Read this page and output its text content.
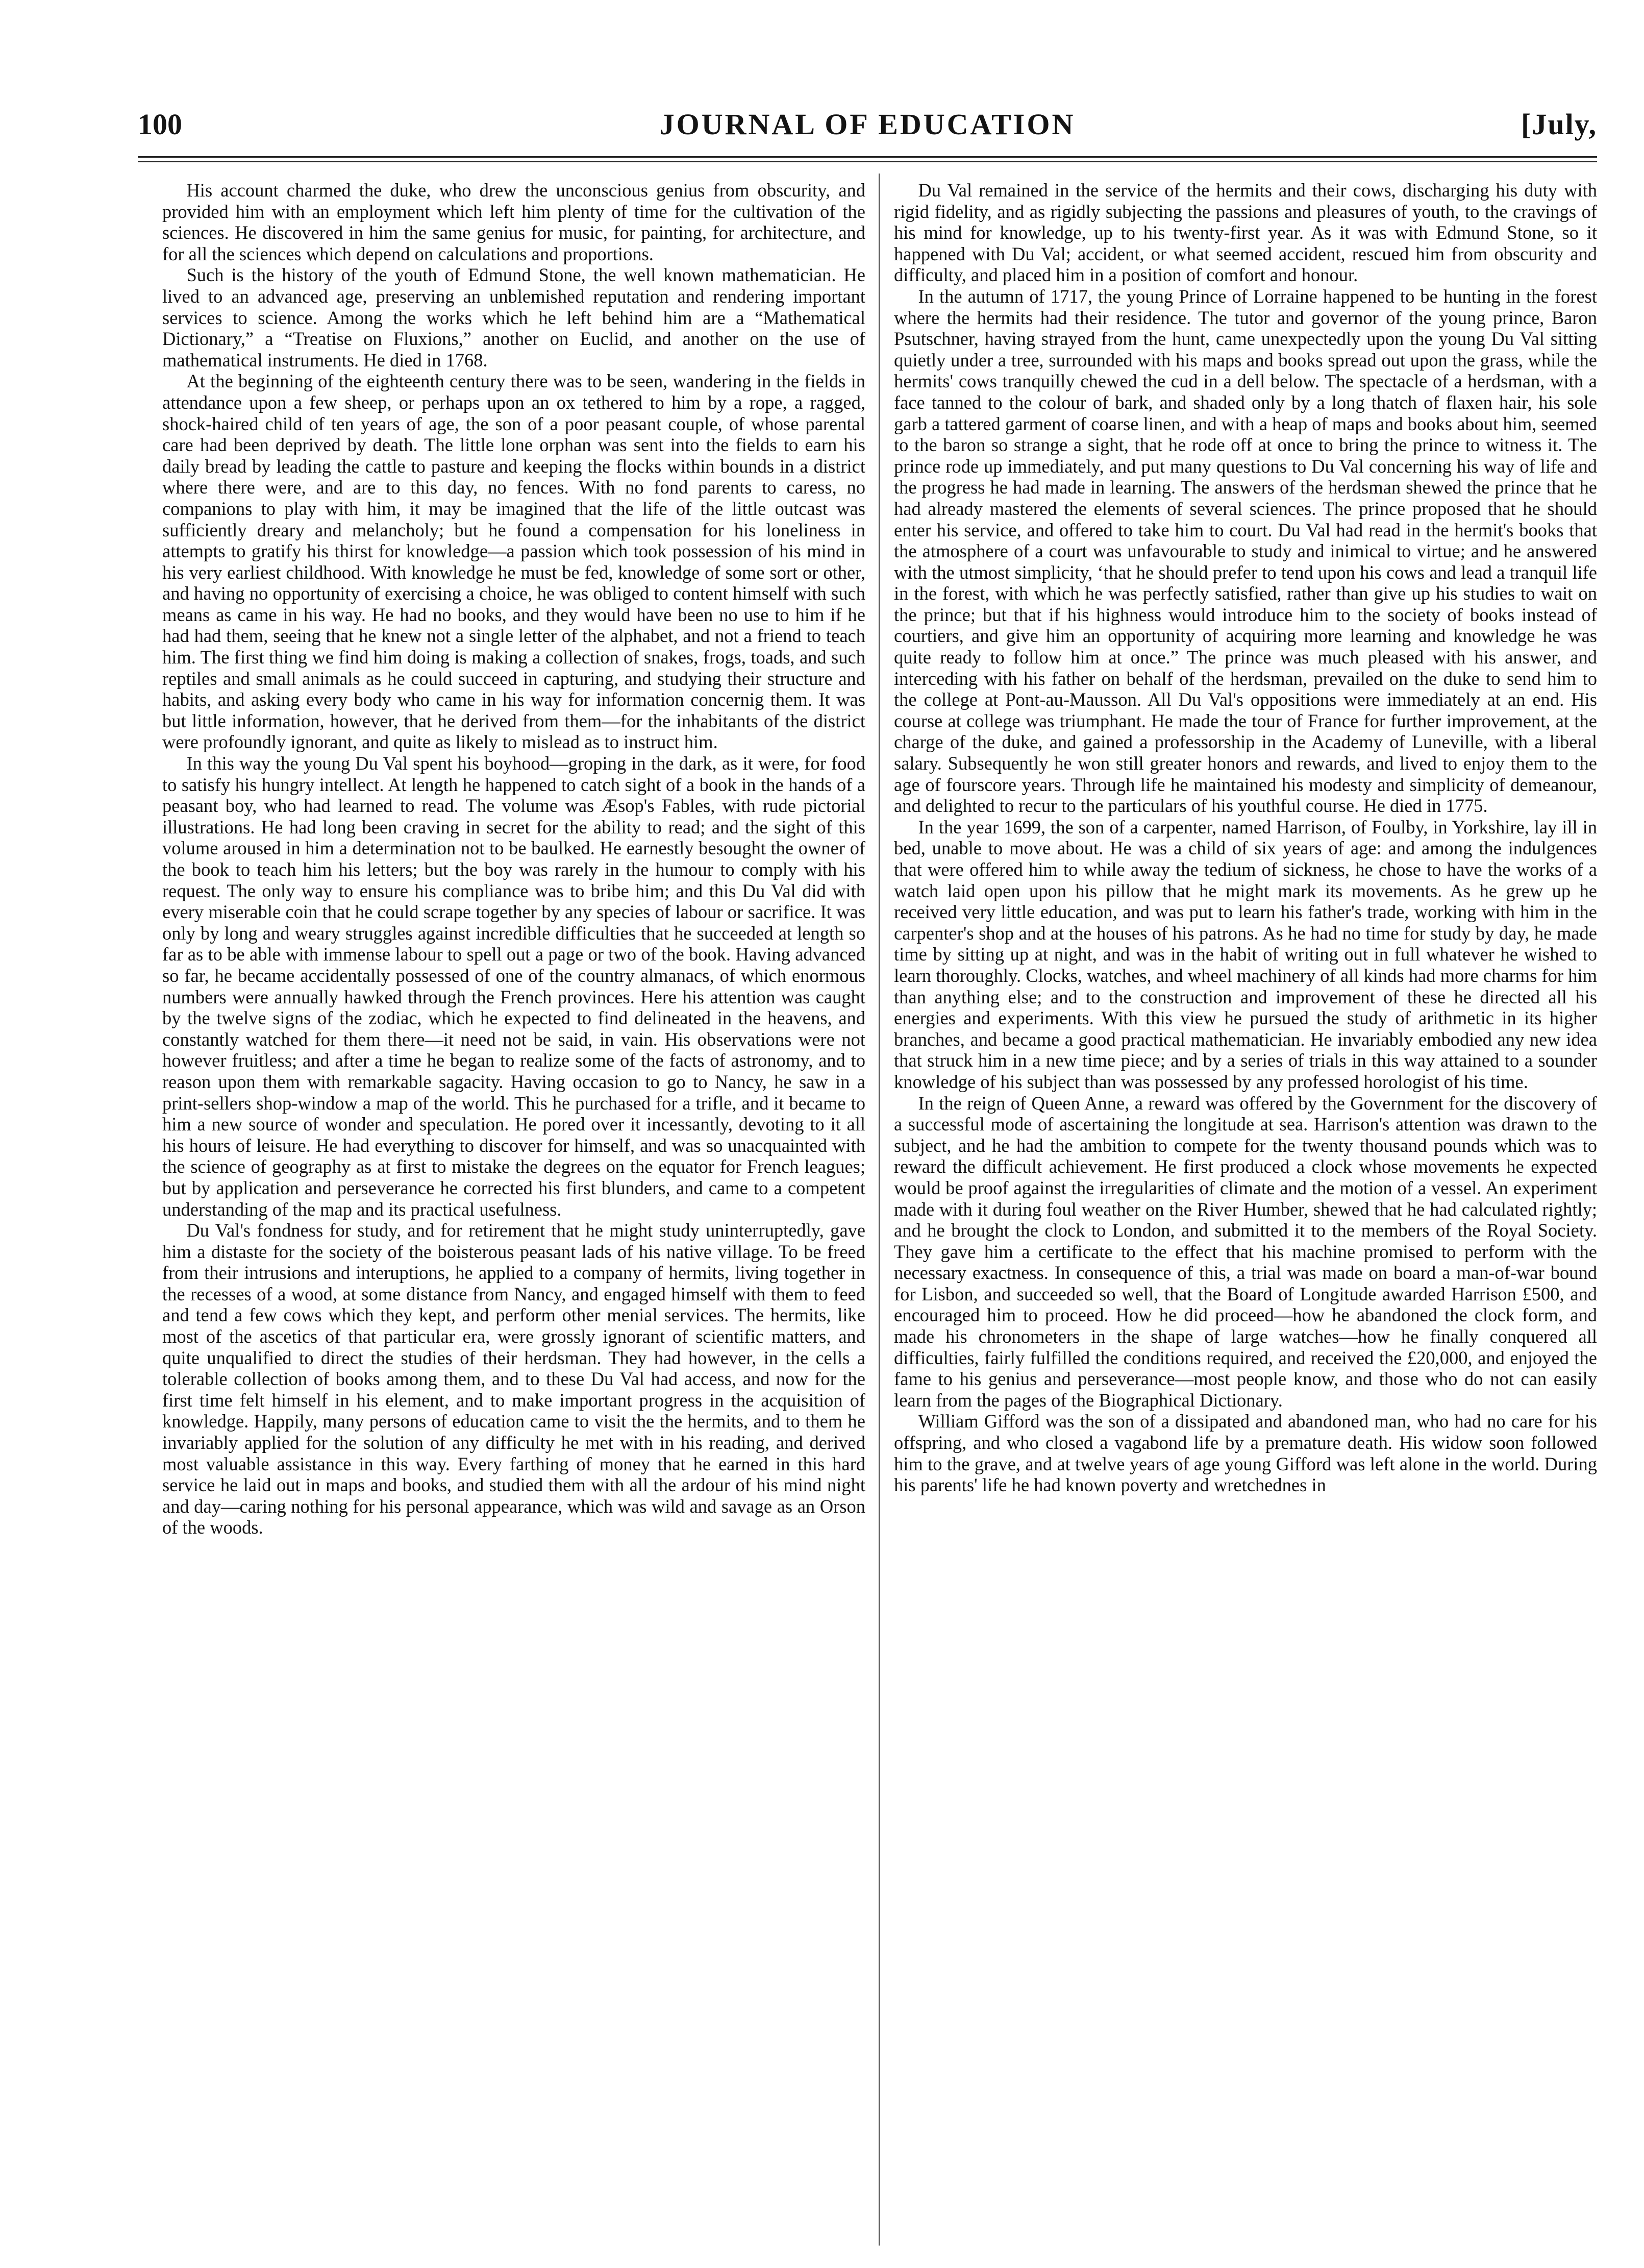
100	JOURNAL OF EDUCATION	[July,

His account charmed the duke, who drew the unconscious genius from obscurity, and provided him with an employment which left him plenty of time for the cultivation of the sciences. He discovered in him the same genius for music, for painting, for architecture, and for all the sciences which depend on calculations and proportions.

Such is the history of the youth of Edmund Stone, the well known mathematician. He lived to an advanced age, preserving an unblemished reputation and rendering important services to science. Among the works which he left behind him are a “Mathematical Dictionary,” a “Treatise on Fluxions,” another on Euclid, and another on the use of mathematical instruments. He died in 1768.

At the beginning of the eighteenth century there was to be seen, wandering in the fields in attendance upon a few sheep, or perhaps upon an ox tethered to him by a rope, a ragged, shock-haired child of ten years of age, the son of a poor peasant couple, of whose parental care had been deprived by death. The little lone orphan was sent into the fields to earn his daily bread by leading the cattle to pasture and keeping the flocks within bounds in a district where there were, and are to this day, no fences. With no fond parents to caress, no companions to play with him, it may be imagined that the life of the little outcast was sufficiently dreary and melancholy; but he found a compensation for his loneliness in attempts to gratify his thirst for knowledge—a passion which took possession of his mind in his very earliest childhood. With knowledge he must be fed, knowledge of some sort or other, and having no opportunity of exercising a choice, he was obliged to content himself with such means as came in his way. He had no books, and they would have been no use to him if he had had them, seeing that he knew not a single letter of the alphabet, and not a friend to teach him. The first thing we find him doing is making a collection of snakes, frogs, toads, and such reptiles and small animals as he could succeed in capturing, and studying their structure and habits, and asking every body who came in his way for information concernig them. It was but little information, however, that he derived from them—for the inhabitants of the district were profoundly ignorant, and quite as likely to mislead as to instruct him.

In this way the young Du Val spent his boyhood—groping in the dark, as it were, for food to satisfy his hungry intellect. At length he happened to catch sight of a book in the hands of a peasant boy, who had learned to read. The volume was Æsop's Fables, with rude pictorial illustrations. He had long been craving in secret for the ability to read; and the sight of this volume aroused in him a determination not to be baulked. He earnestly besought the owner of the book to teach him his letters; but the boy was rarely in the humour to comply with his request. The only way to ensure his compliance was to bribe him; and this Du Val did with every miserable coin that he could scrape together by any species of labour or sacrifice. It was only by long and weary struggles against incredible difficulties that he succeeded at length so far as to be able with immense labour to spell out a page or two of the book. Having advanced so far, he became accidentally possessed of one of the country almanacs, of which enormous numbers were annually hawked through the French provinces. Here his attention was caught by the twelve signs of the zodiac, which he expected to find delineated in the heavens, and constantly watched for them there—it need not be said, in vain. His observations were not however fruitless; and after a time he began to realize some of the facts of astronomy, and to reason upon them with remarkable sagacity. Having occasion to go to Nancy, he saw in a print-sellers shop-window a map of the world. This he purchased for a trifle, and it became to him a new source of wonder and speculation. He pored over it incessantly, devoting to it all his hours of leisure. He had everything to discover for himself, and was so unacquainted with the science of geography as at first to mistake the degrees on the equator for French leagues; but by application and perseverance he corrected his first blunders, and came to a competent understanding of the map and its practical usefulness.

Du Val's fondness for study, and for retirement that he might study uninterruptedly, gave him a distaste for the society of the boisterous peasant lads of his native village. To be freed from their intrusions and interuptions, he applied to a company of hermits, living together in the recesses of a wood, at some distance from Nancy, and engaged himself with them to feed and tend a few cows which they kept, and perform other menial services. The hermits, like most of the ascetics of that particular era, were grossly ignorant of scientific matters, and quite unqualified to direct the studies of their herdsman. They had however, in the cells a tolerable collection of books among them, and to these Du Val had access, and now for the first time felt himself in his element, and to make important progress in the acquisition of knowledge. Happily, many persons of education came to visit the the hermits, and to them he invariably applied for the solution of any difficulty he met with in his reading, and derived most valuable assistance in this way. Every farthing of money that he earned in this hard service he laid out in maps and books, and studied them with all the ardour of his mind night and day—caring nothing for his personal appearance, which was wild and savage as an Orson of the woods.

Du Val remained in the service of the hermits and their cows, discharging his duty with rigid fidelity, and as rigidly subjecting the passions and pleasures of youth, to the cravings of his mind for knowledge, up to his twenty-first year. As it was with Edmund Stone, so it happened with Du Val; accident, or what seemed accident, rescued him from obscurity and difficulty, and placed him in a position of comfort and honour.

In the autumn of 1717, the young Prince of Lorraine happened to be hunting in the forest where the hermits had their residence. The tutor and governor of the young prince, Baron Psutschner, having strayed from the hunt, came unexpectedly upon the young Du Val sitting quietly under a tree, surrounded with his maps and books spread out upon the grass, while the hermits' cows tranquilly chewed the cud in a dell below. The spectacle of a herdsman, with a face tanned to the colour of bark, and shaded only by a long thatch of flaxen hair, his sole garb a tattered garment of coarse linen, and with a heap of maps and books about him, seemed to the baron so strange a sight, that he rode off at once to bring the prince to witness it. The prince rode up immediately, and put many questions to Du Val concerning his way of life and the progress he had made in learning. The answers of the herdsman shewed the prince that he had already mastered the elements of several sciences. The prince proposed that he should enter his service, and offered to take him to court. Du Val had read in the hermit's books that the atmosphere of a court was unfavourable to study and inimical to virtue; and he answered with the utmost simplicity, ‘that he should prefer to tend upon his cows and lead a tranquil life in the forest, with which he was perfectly satisfied, rather than give up his studies to wait on the prince; but that if his highness would introduce him to the society of books instead of courtiers, and give him an opportunity of acquiring more learning and knowledge he was quite ready to follow him at once.” The prince was much pleased with his answer, and interceding with his father on behalf of the herdsman, prevailed on the duke to send him to the college at Pont-au-Mausson. All Du Val's oppositions were immediately at an end. His course at college was triumphant. He made the tour of France for further improvement, at the charge of the duke, and gained a professorship in the Academy of Luneville, with a liberal salary. Subsequently he won still greater honors and rewards, and lived to enjoy them to the age of fourscore years. Through life he maintained his modesty and simplicity of demeanour, and delighted to recur to the particulars of his youthful course. He died in 1775.

In the year 1699, the son of a carpenter, named Harrison, of Foulby, in Yorkshire, lay ill in bed, unable to move about. He was a child of six years of age: and among the indulgences that were offered him to while away the tedium of sickness, he chose to have the works of a watch laid open upon his pillow that he might mark its movements. As he grew up he received very little education, and was put to learn his father's trade, working with him in the carpenter's shop and at the houses of his patrons. As he had no time for study by day, he made time by sitting up at night, and was in the habit of writing out in full whatever he wished to learn thoroughly. Clocks, watches, and wheel machinery of all kinds had more charms for him than anything else; and to the construction and improvement of these he directed all his energies and experiments. With this view he pursued the study of arithmetic in its higher branches, and became a good practical mathematician. He invariably embodied any new idea that struck him in a new time piece; and by a series of trials in this way attained to a sounder knowledge of his subject than was possessed by any professed horologist of his time.

In the reign of Queen Anne, a reward was offered by the Government for the discovery of a successful mode of ascertaining the longitude at sea. Harrison's attention was drawn to the subject, and he had the ambition to compete for the twenty thousand pounds which was to reward the difficult achievement. He first produced a clock whose movements he expected would be proof against the irregularities of climate and the motion of a vessel. An experiment made with it during foul weather on the River Humber, shewed that he had calculated rightly; and he brought the clock to London, and submitted it to the members of the Royal Society. They gave him a certificate to the effect that his machine promised to perform with the necessary exactness. In consequence of this, a trial was made on board a man-of-war bound for Lisbon, and succeeded so well, that the Board of Longitude awarded Harrison £500, and encouraged him to proceed. How he did proceed—how he abandoned the clock form, and made his chronometers in the shape of large watches—how he finally conquered all difficulties, fairly fulfilled the conditions required, and received the £20,000, and enjoyed the fame to his genius and perseverance—most people know, and those who do not can easily learn from the pages of the Biographical Dictionary.

William Gifford was the son of a dissipated and abandoned man, who had no care for his offspring, and who closed a vagabond life by a premature death. His widow soon followed him to the grave, and at twelve years of age young Gifford was left alone in the world. During his parents' life he had known poverty and wretchednes in
